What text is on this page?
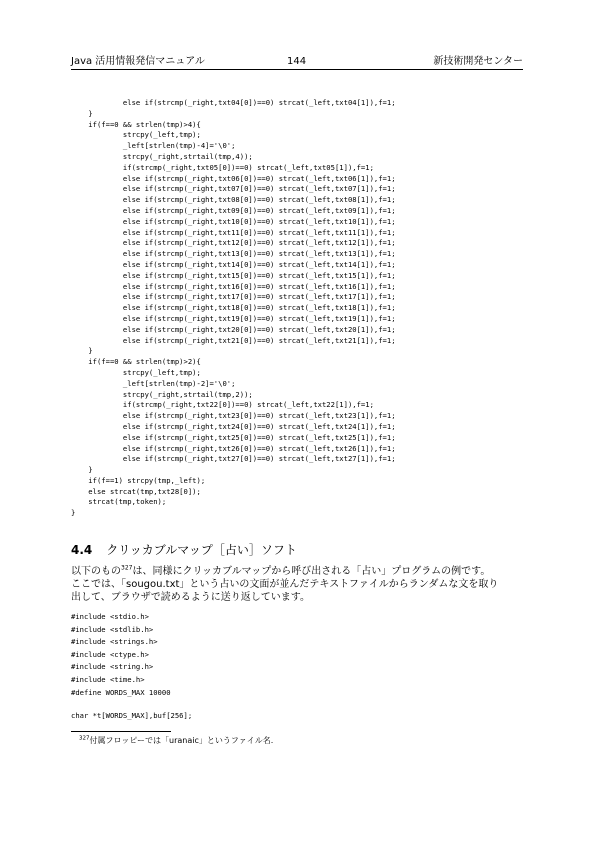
Java 活用情報発信マニュアル	144	新技術開発センター
else if(strcmp(_right,txt04[0])==0) strcat(_left,txt04[1]),f=1;
}
if(f==0 && strlen(tmp)>4){
strcpy(_left,tmp);
_left[strlen(tmp)-4]='\0';
strcpy(_right,strtail(tmp,4));
if(strcmp(_right,txt05[0])==0) strcat(_left,txt05[1]),f=1;
else if(strcmp(_right,txt06[0])==0) strcat(_left,txt06[1]),f=1;
else if(strcmp(_right,txt07[0])==0) strcat(_left,txt07[1]),f=1;
else if(strcmp(_right,txt08[0])==0) strcat(_left,txt08[1]),f=1;
else if(strcmp(_right,txt09[0])==0) strcat(_left,txt09[1]),f=1;
else if(strcmp(_right,txt10[0])==0) strcat(_left,txt10[1]),f=1;
else if(strcmp(_right,txt11[0])==0) strcat(_left,txt11[1]),f=1;
else if(strcmp(_right,txt12[0])==0) strcat(_left,txt12[1]),f=1;
else if(strcmp(_right,txt13[0])==0) strcat(_left,txt13[1]),f=1;
else if(strcmp(_right,txt14[0])==0) strcat(_left,txt14[1]),f=1;
else if(strcmp(_right,txt15[0])==0) strcat(_left,txt15[1]),f=1;
else if(strcmp(_right,txt16[0])==0) strcat(_left,txt16[1]),f=1;
else if(strcmp(_right,txt17[0])==0) strcat(_left,txt17[1]),f=1;
else if(strcmp(_right,txt18[0])==0) strcat(_left,txt18[1]),f=1;
else if(strcmp(_right,txt19[0])==0) strcat(_left,txt19[1]),f=1;
else if(strcmp(_right,txt20[0])==0) strcat(_left,txt20[1]),f=1;
else if(strcmp(_right,txt21[0])==0) strcat(_left,txt21[1]),f=1;
}
if(f==0 && strlen(tmp)>2){
strcpy(_left,tmp);
_left[strlen(tmp)-2]='\0';
strcpy(_right,strtail(tmp,2));
if(strcmp(_right,txt22[0])==0) strcat(_left,txt22[1]),f=1;
else if(strcmp(_right,txt23[0])==0) strcat(_left,txt23[1]),f=1;
else if(strcmp(_right,txt24[0])==0) strcat(_left,txt24[1]),f=1;
else if(strcmp(_right,txt25[0])==0) strcat(_left,txt25[1]),f=1;
else if(strcmp(_right,txt26[0])==0) strcat(_left,txt26[1]),f=1;
else if(strcmp(_right,txt27[0])==0) strcat(_left,txt27[1]),f=1;
}
if(f==1) strcpy(tmp,_left);
else strcat(tmp,txt28[0]);
strcat(tmp,token);
}
4.4 クリッカブルマップ［占い］ソフト
以下のもの$^{327}$は、同様にクリッカブルマップから呼び出される「占い」プログラムの例です。
ここでは、「sougou.txt」という占いの文面が並んだテキストファイルからランダムな文を取り
出して、ブラウザで読めるように送り返しています。
#include <stdio.h>
#include <stdlib.h>
#include <strings.h>
#include <ctype.h>
#include <string.h>
#include <time.h>
#define WORDS_MAX 10000
char *t[WORDS_MAX],buf[256];
$^{327}$付属フロッピーでは「uranaic」というファイル名.
